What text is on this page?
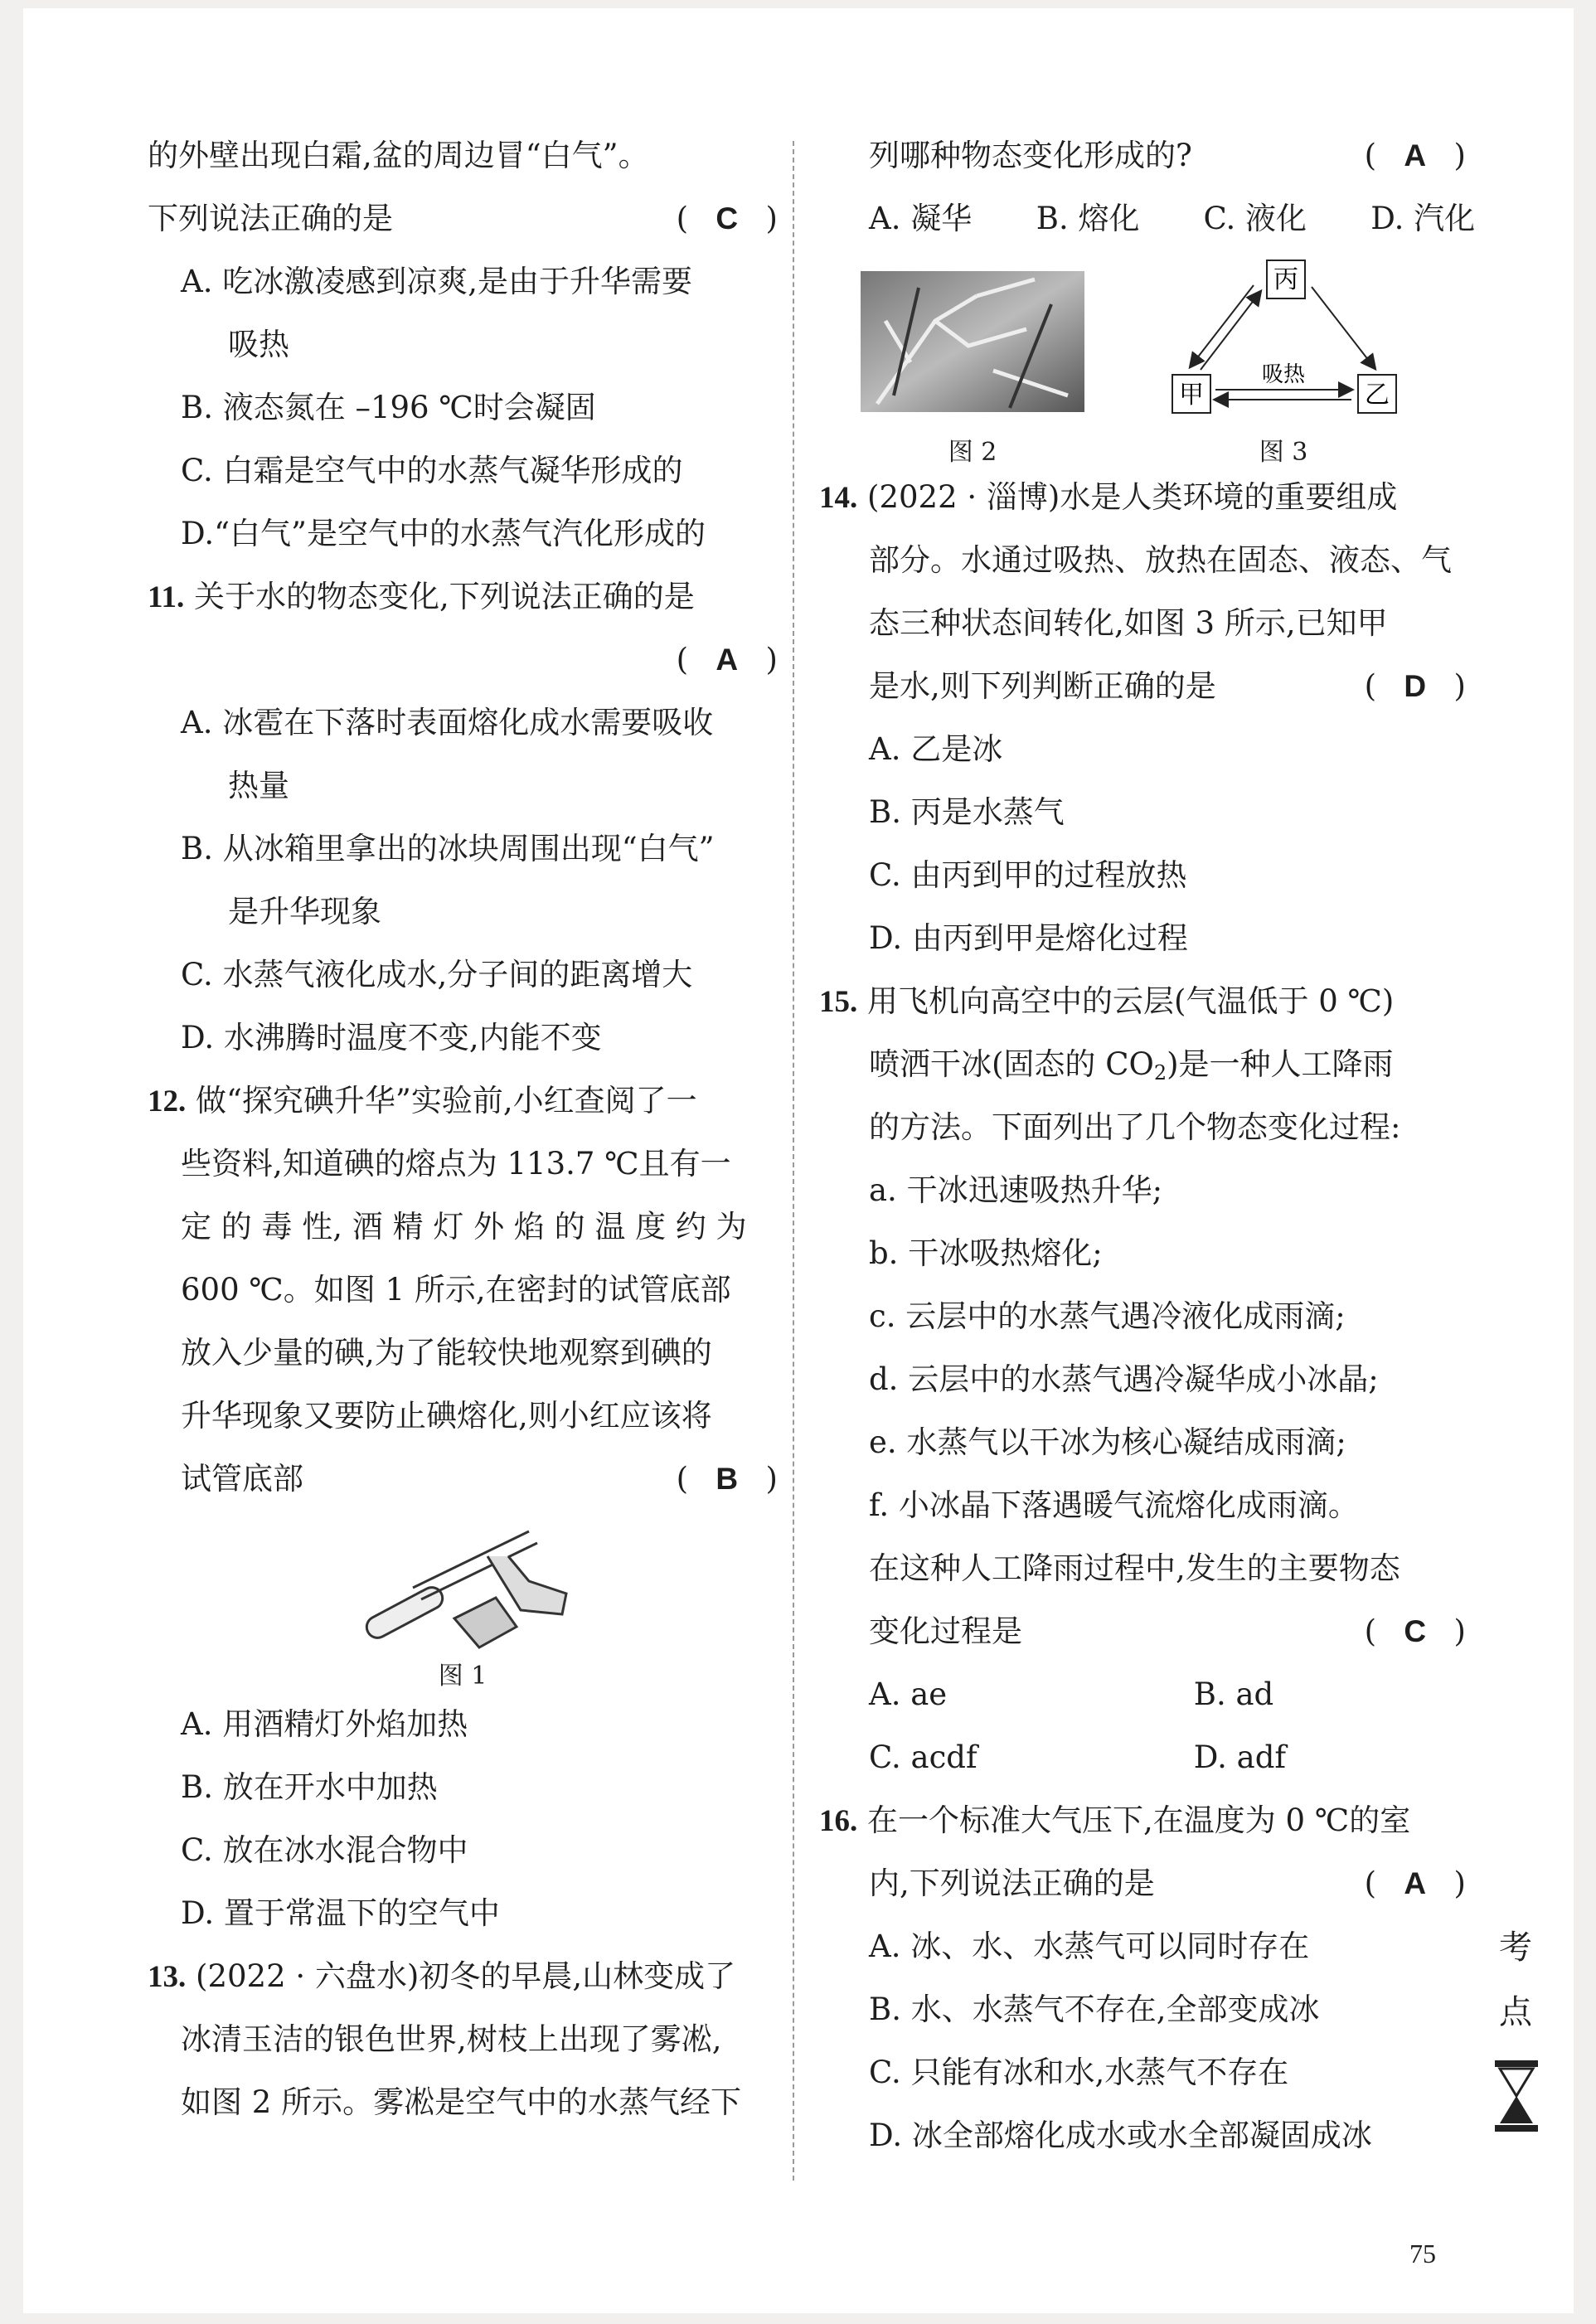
的外壁出现白霜,盆的周边冒“白气”。
下列说法正确的是	( C )
A. 吃冰激凌感到凉爽,是由于升华需要
吸热
B. 液态氮在 –196 ℃时会凝固
C. 白霜是空气中的水蒸气凝华形成的
D.“白气”是空气中的水蒸气汽化形成的
11. 关于水的物态变化,下列说法正确的是
( A )
A. 冰雹在下落时表面熔化成水需要吸收
热量
B. 从冰箱里拿出的冰块周围出现“白气”
是升华现象
C. 水蒸气液化成水,分子间的距离增大
D. 水沸腾时温度不变,内能不变
12. 做“探究碘升华”实验前,小红查阅了一
些资料,知道碘的熔点为 113.7 ℃且有一
定 的 毒 性, 酒 精 灯 外 焰 的 温 度 约 为
600 ℃。如图 1 所示,在密封的试管底部
放入少量的碘,为了能较快地观察到碘的
升华现象又要防止碘熔化,则小红应该将
试管底部	( B )
图 1
A. 用酒精灯外焰加热
B. 放在开水中加热
C. 放在冰水混合物中
D. 置于常温下的空气中
13. (2022 · 六盘水)初冬的早晨,山林变成了
冰清玉洁的银色世界,树枝上出现了雾凇,
如图 2 所示。雾凇是空气中的水蒸气经下
列哪种物态变化形成的?	( A )
A. 凝华 B. 熔化 C. 液化 D. 汽化
图 2
丙
甲	乙
吸热
图 3
14. (2022 · 淄博)水是人类环境的重要组成
部分。水通过吸热、放热在固态、液态、气
态三种状态间转化,如图 3 所示,已知甲
是水,则下列判断正确的是	( D )
A. 乙是冰
B. 丙是水蒸气
C. 由丙到甲的过程放热
D. 由丙到甲是熔化过程
15. 用飞机向高空中的云层(气温低于 0 ℃)
喷洒干冰(固态的 CO2)是一种人工降雨
的方法。下面列出了几个物态变化过程:
a. 干冰迅速吸热升华;
b. 干冰吸热熔化;
c. 云层中的水蒸气遇冷液化成雨滴;
d. 云层中的水蒸气遇冷凝华成小冰晶;
e. 水蒸气以干冰为核心凝结成雨滴;
f. 小冰晶下落遇暖气流熔化成雨滴。
在这种人工降雨过程中,发生的主要物态
变化过程是	( C )
A. ae	B. ad
C. acdf	D. adf
16. 在一个标准大气压下,在温度为 0 ℃的室
内,下列说法正确的是	( A )
A. 冰、水、水蒸气可以同时存在
B. 水、水蒸气不存在,全部变成冰
C. 只能有冰和水,水蒸气不存在
D. 冰全部熔化成水或水全部凝固成冰
考
点
75
